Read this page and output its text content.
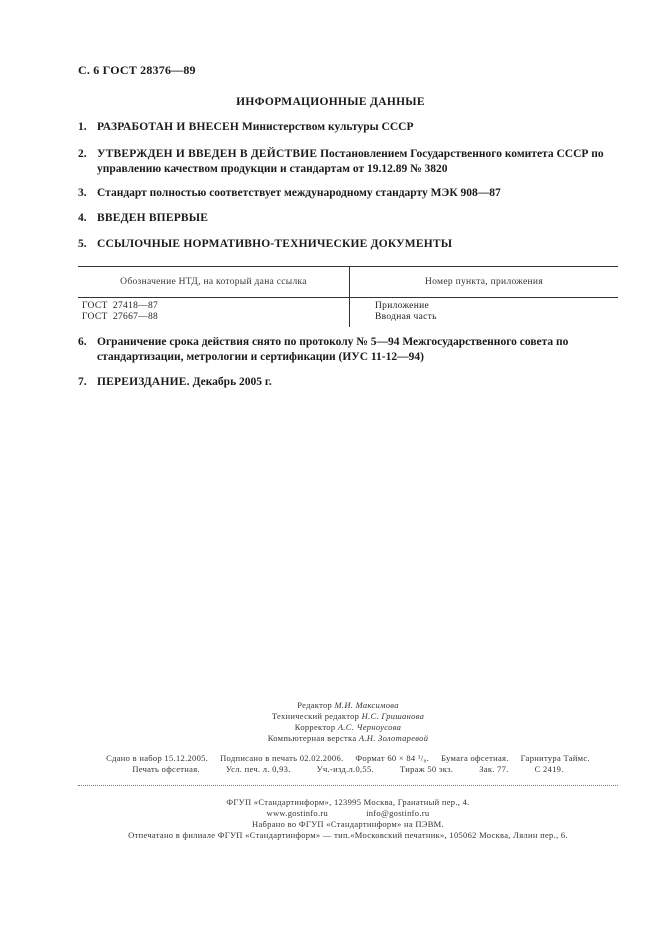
С. 6 ГОСТ 28376—89
ИНФОРМАЦИОННЫЕ ДАННЫЕ
1. РАЗРАБОТАН И ВНЕСЕН Министерством культуры СССР
2. УТВЕРЖДЕН И ВВЕДЕН В ДЕЙСТВИЕ Постановлением Государственного комитета СССР по управлению качеством продукции и стандартам от 19.12.89 № 3820
3. Стандарт полностью соответствует международному стандарту МЭК 908—87
4. ВВЕДЕН ВПЕРВЫЕ
5. ССЫЛОЧНЫЕ НОРМАТИВНО-ТЕХНИЧЕСКИЕ ДОКУМЕНТЫ
Обозначение НТД, на который дана ссылка	Номер пункта, приложения
ГОСТ  27418—87	Приложение
ГОСТ  27667—88	Вводная часть
6. Ограничение срока действия снято по протоколу № 5—94 Межгосударственного совета по стандартизации, метрологии и сертификации (ИУС 11-12—94)
7. ПЕРЕИЗДАНИЕ. Декабрь 2005 г.
Редактор М.И. Максимова
Технический редактор Н.С. Гришанова
Корректор А.С. Черноусова
Компьютерная верстка А.Н. Золотаревой
Сдано в набор 15.12.2005. Подписано в печать 02.02.2006. Формат 60 × 84 ¹/₈. Бумага офсетная. Гарнитура Таймс.
Печать офсетная.	Усл. печ. л. 0,93.	Уч.-изд.л.0,55.	Тираж 50 экз.	Зак. 77.	С 2419.
ФГУП «Стандартинформ», 123995 Москва, Гранатный пер., 4.
www.gostinfo.ru	info@gostinfo.ru
Набрано во ФГУП «Стандартинформ» на ПЭВМ.
Отпечатано в филиале ФГУП «Стандартинформ» — тип.«Московский печатник», 105062 Москва, Лялин пер., 6.
